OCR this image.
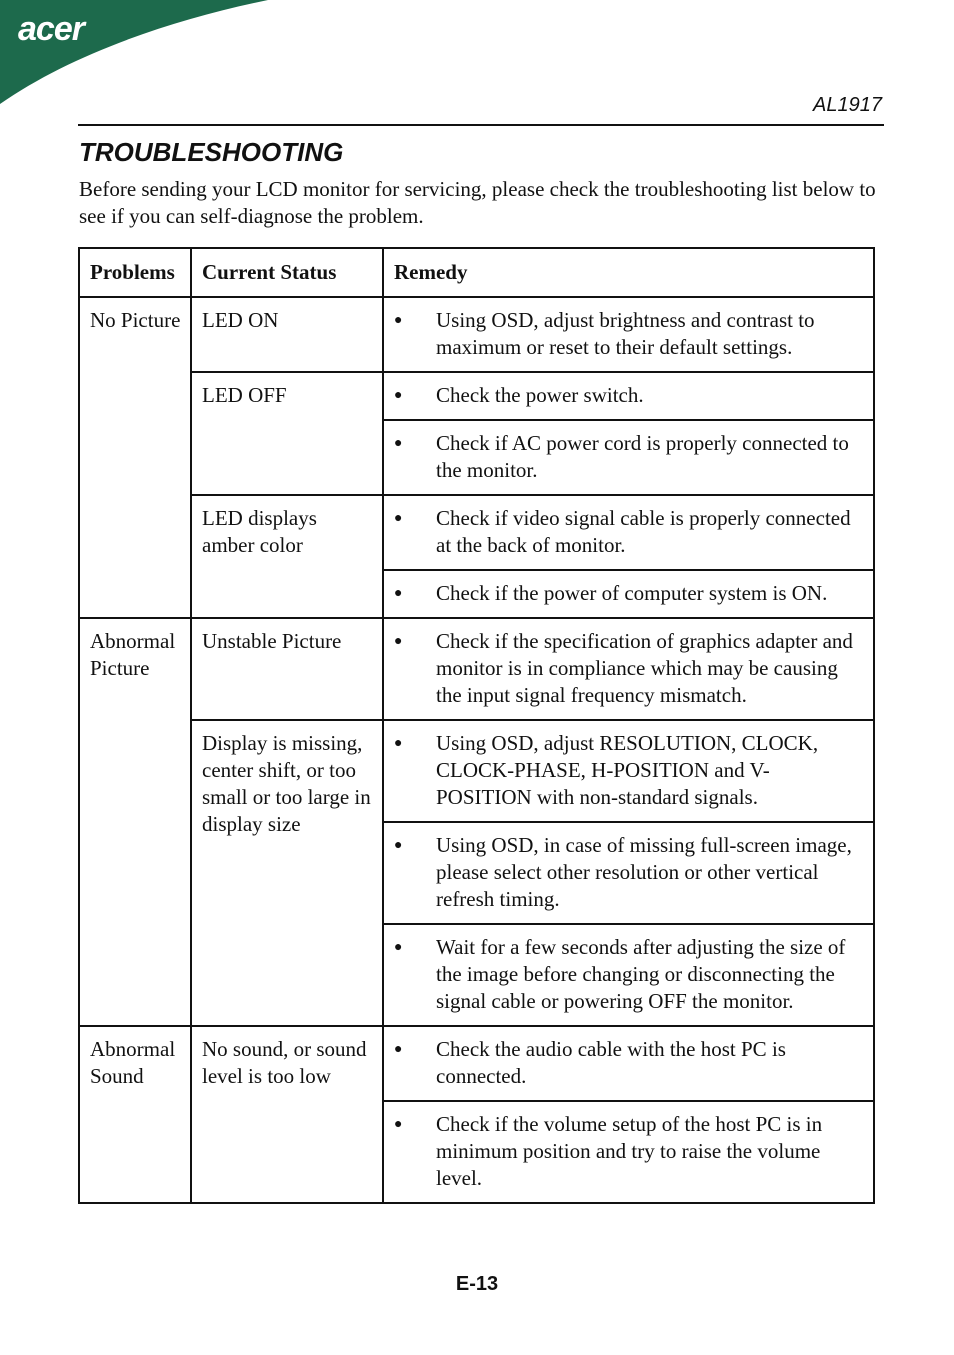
acer
AL1917
TROUBLESHOOTING

Before sending your LCD monitor for servicing, please check the troubleshooting list below to see if you can self-diagnose the problem.

Problems	Current Status	Remedy
No Picture	LED ON	● Using OSD, adjust brightness and contrast to maximum or reset to their default settings.

	LED OFF	● Check the power switch.

		● Check if AC power cord is properly connected to the monitor.

	LED displays amber color	● Check if video signal cable is properly connected at the back of monitor.

		● Check if the power of computer system is ON.

Abnormal Picture	Unstable Picture	● Check if the specification of graphics adapter and monitor is in compliance which may be causing the input signal frequency mismatch.

	Display is missing, center shift, or too small or too large in display size	● Using OSD, adjust RESOLUTION, CLOCK, CLOCK-PHASE, H-POSITION and V-POSITION with non-standard signals.

		● Using OSD, in case of missing full-screen image, please select other resolution or other vertical refresh timing.

		● Wait for a few seconds after adjusting the size of the image before changing or disconnecting the signal cable or powering OFF the monitor.

Abnormal Sound	No sound, or sound level is too low	● Check the audio cable with the host PC is connected.

		● Check if the volume setup of the host PC is in minimum position and try to raise the volume level.
E-13
